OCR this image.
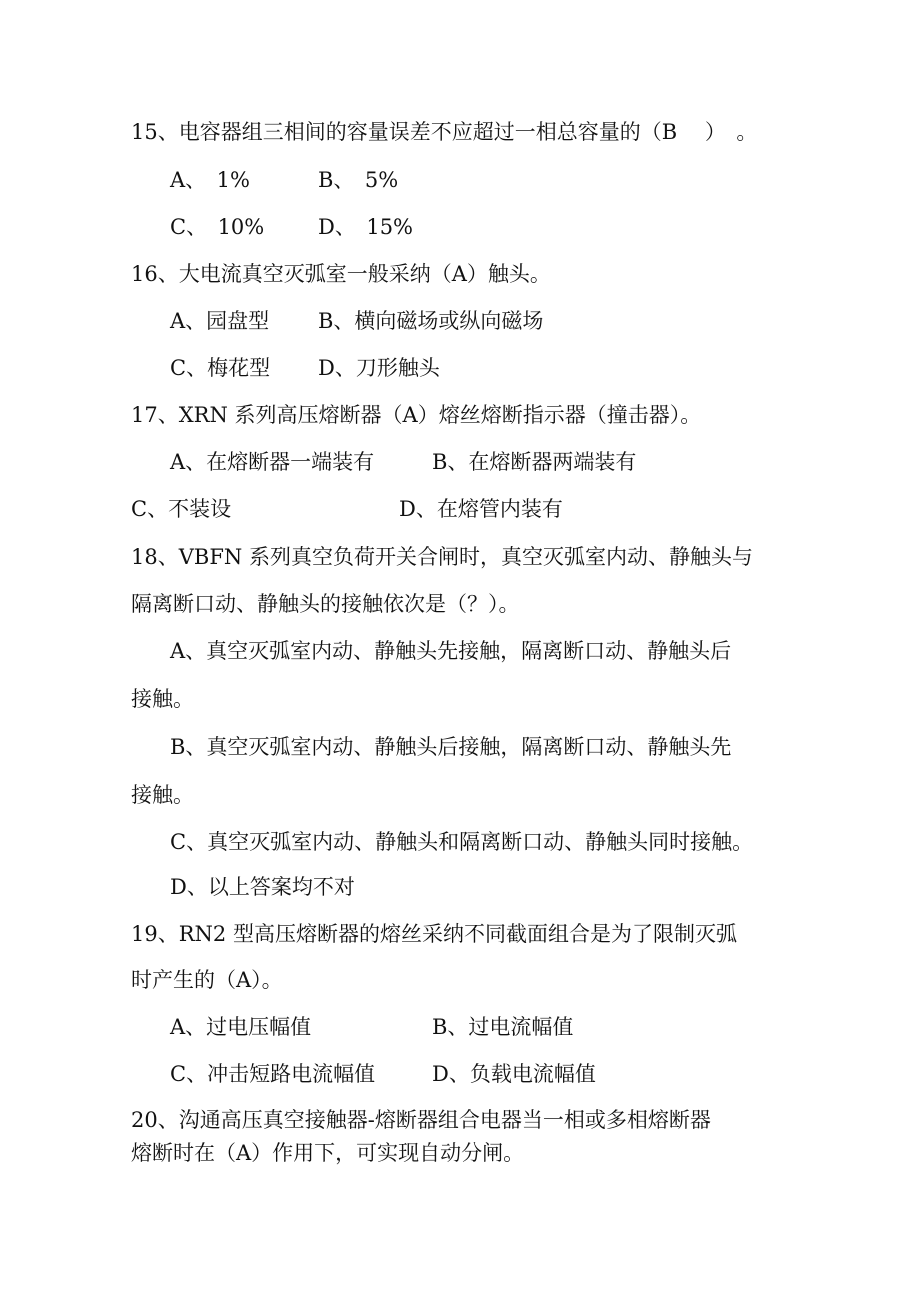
15、电容器组三相间的容量误差不应超过一相总容量的（B　 ）　。
A、　1%	B、　5%
C、　10%	D、　15%
16、大电流真空灭弧室一般采纳（A）触头。
A、园盘型 B、横向磁场或纵向磁场
C、梅花型 D、刀形触头
17、XRN 系列高压熔断器（A）熔丝熔断指示器（撞击器）。
A、在熔断器一端装有	B、在熔断器两端装有
C、不装设	D、在熔管内装有
18、VBFN 系列真空负荷开关合闸时，真空灭弧室内动、静触头与
隔离断口动、静触头的接触依次是（？）。
A、真空灭弧室内动、静触头先接触，隔离断口动、静触头后
接触。
B、真空灭弧室内动、静触头后接触，隔离断口动、静触头先
接触。
C、真空灭弧室内动、静触头和隔离断口动、静触头同时接触。
D、以上答案均不对
19、RN2 型高压熔断器的熔丝采纳不同截面组合是为了限制灭弧
时产生的（A）。
A、过电压幅值	B、过电流幅值
C、冲击短路电流幅值	D、负载电流幅值
20、沟通高压真空接触器-熔断器组合电器当一相或多相熔断器
熔断时在（A）作用下，可实现自动分闸。
